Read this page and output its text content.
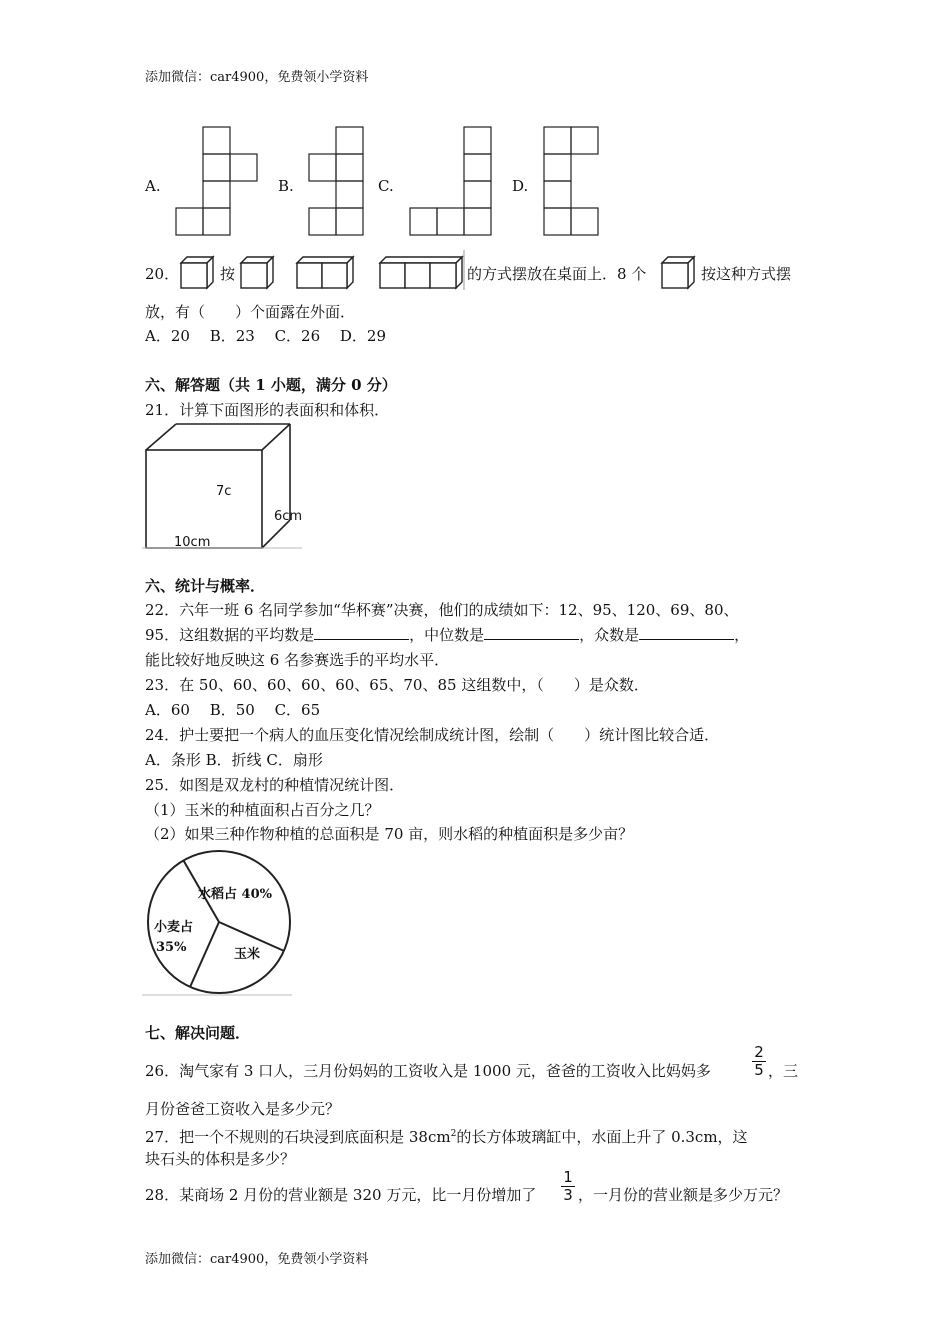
添加微信：car4900，免费领小学资料
A.	B.	C.	D.
20．	按	的方式摆放在桌面上．8 个	按这种方式摆
放，有（　　）个面露在外面．
A．20　 B．23　 C．26　 D．29
六、解答题（共 1 小题，满分 0 分）
21．计算下面图形的表面积和体积．
7c
6cm
10cm
六、统计与概率．
22．六年一班 6 名同学参加“华杯赛”决赛，他们的成绩如下：12、95、120、69、80、
95．这组数据的平均数是	，中位数是	，众数是	，
能比较好地反映这 6 名参赛选手的平均水平．
23．在 50、60、60、60、60、65、70、85 这组数中，（　　）是众数．
A．60　 B．50　 C．65
24．护士要把一个病人的血压变化情况绘制成统计图，绘制（　　）统计图比较合适．
A．条形 B．折线 C．扇形
25．如图是双龙村的种植情况统计图．
（1）玉米的种植面积占百分之几？
（2）如果三种作物种植的总面积是 70 亩，则水稻的种植面积是多少亩？
水稻占 40%
小麦占
35%	玉米
七、解决问题．
26．淘气家有 3 口人，三月份妈妈的工资收入是 1000 元，爸爸的工资收入比妈妈多
2
5 ，三
月份爸爸工资收入是多少元？
27．把一个不规则的石块浸到底面积是 $38cm^2$的长方体玻璃缸中，水面上升了 0.3cm，这
块石头的体积是多少？
28．某商场 2 月份的营业额是 320 万元，比一月份增加了
1
3 ，一月份的营业额是多少万元？
添加微信：car4900，免费领小学资料
